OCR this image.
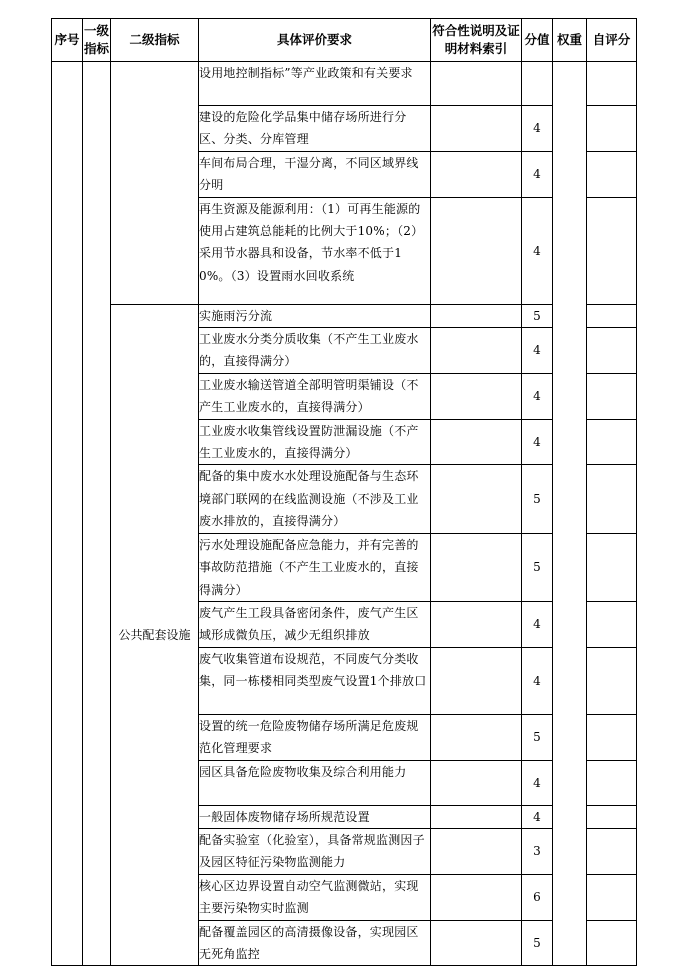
序号	一级指标	二级指标	具体评价要求	符合性说明及证明材料索引	分值	权重	自评分
			设用地控制指标”等产业政策和有关要求				
			建设的危险化学品集中储存场所进行分区、分类、分库管理		4		
			车间布局合理，干湿分离，不同区域界线分明		4		
			再生资源及能源利用：（1）可再生能源的使用占建筑总能耗的比例大于10%；（2）采用节水器具和设备，节水率不低于10%。（3）设置雨水回收系统		4		
		公共配套设施	实施雨污分流		5		
			工业废水分类分质收集（不产生工业废水的，直接得满分）		4		
			工业废水输送管道全部明管明渠铺设（不产生工业废水的，直接得满分）		4		
			工业废水收集管线设置防泄漏设施（不产生工业废水的，直接得满分）		4		
			配备的集中废水水处理设施配备与生态环境部门联网的在线监测设施（不涉及工业废水排放的，直接得满分）		5		
			污水处理设施配备应急能力，并有完善的事故防范措施（不产生工业废水的，直接得满分）		5		
			废气产生工段具备密闭条件，废气产生区域形成微负压，减少无组织排放		4		
			废气收集管道布设规范，不同废气分类收集，同一栋楼相同类型废气设置1个排放口		4		
			设置的统一危险废物储存场所满足危废规范化管理要求		5		
			园区具备危险废物收集及综合利用能力		4		
			一般固体废物储存场所规范设置		4		
			配备实验室（化验室），具备常规监测因子及园区特征污染物监测能力		3		
			核心区边界设置自动空气监测微站，实现主要污染物实时监测		6		
			配备覆盖园区的高清摄像设备，实现园区无死角监控		5		
